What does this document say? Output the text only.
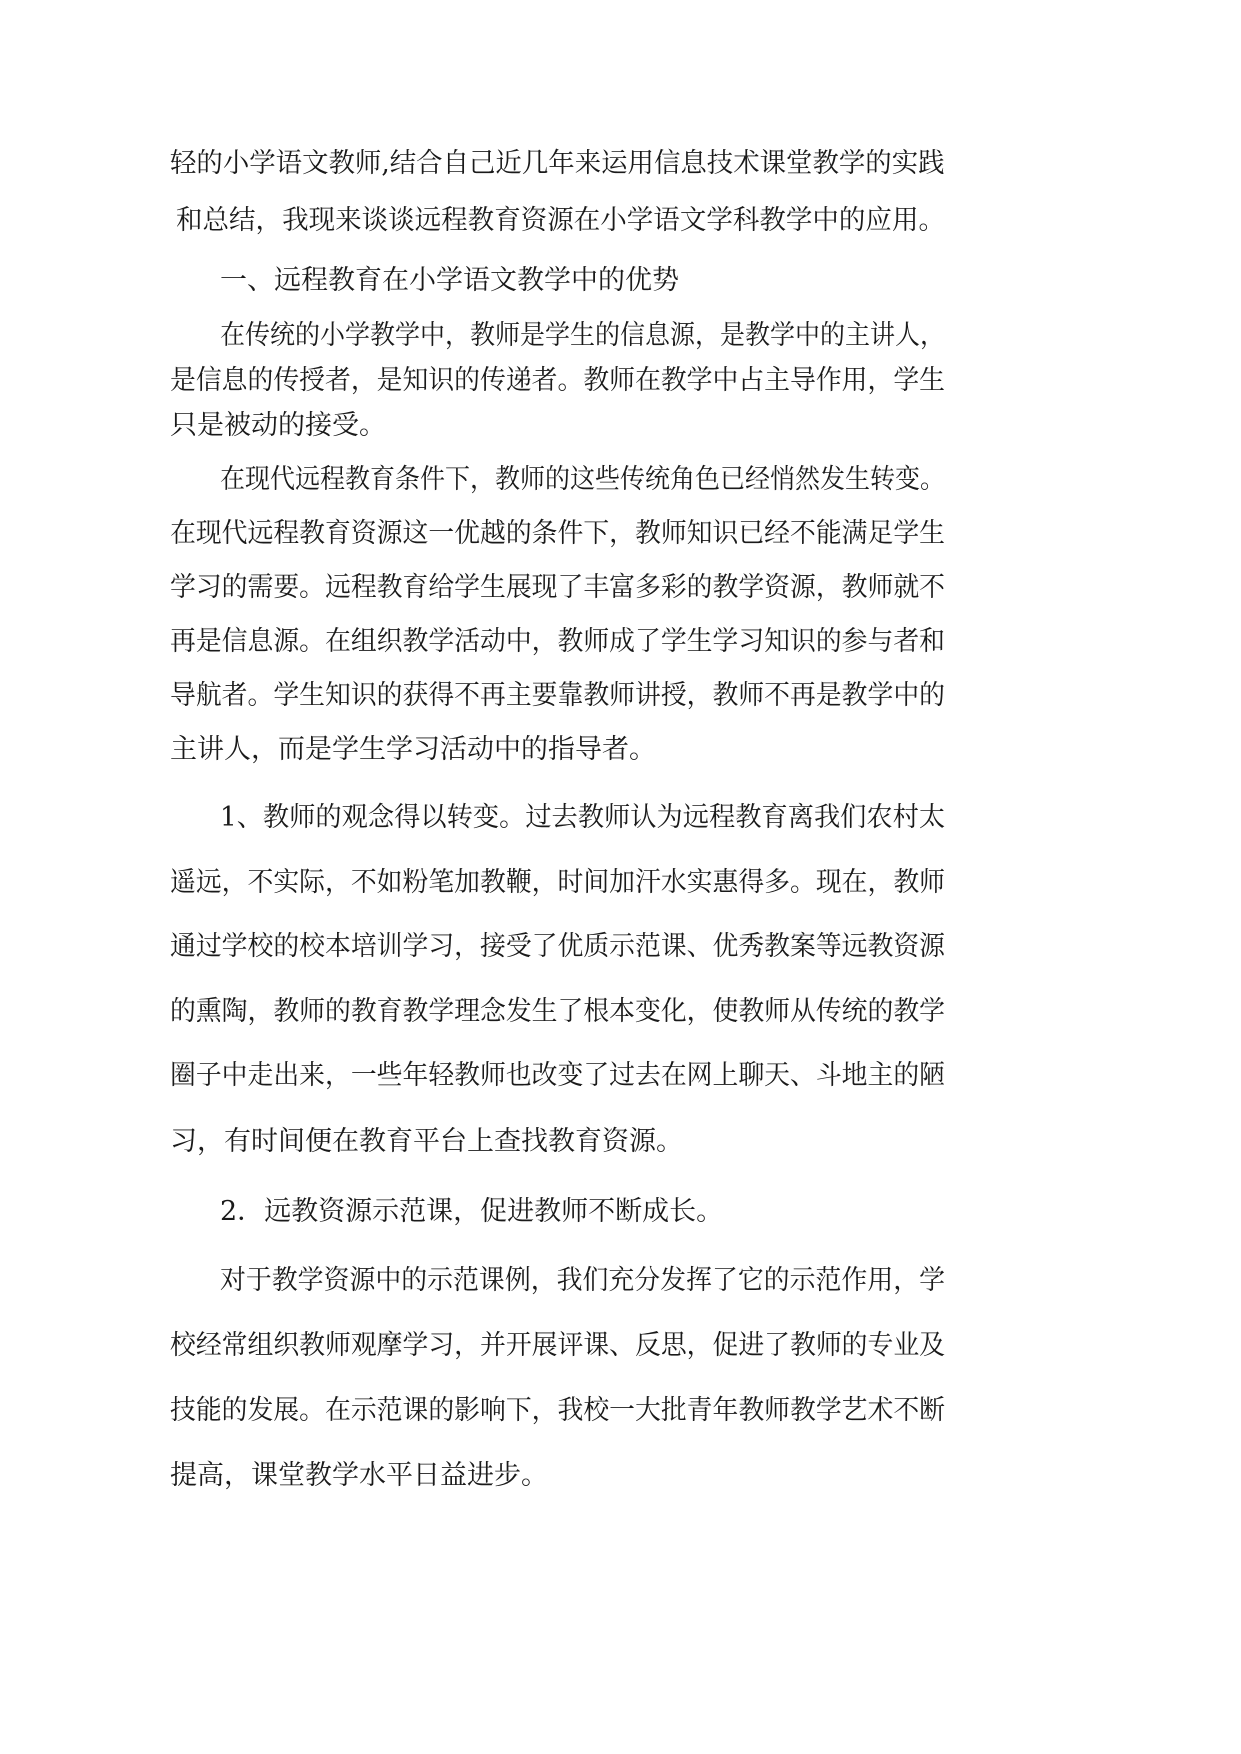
轻的小学语文教师,结合自己近几年来运用信息技术课堂教学的实践
和总结，我现来谈谈远程教育资源在小学语文学科教学中的应用。
一、远程教育在小学语文教学中的优势
在传统的小学教学中，教师是学生的信息源，是教学中的主讲人，
是信息的传授者，是知识的传递者。教师在教学中占主导作用，学生
只是被动的接受。
在现代远程教育条件下，教师的这些传统角色已经悄然发生转变。
在现代远程教育资源这一优越的条件下，教师知识已经不能满足学生
学习的需要。远程教育给学生展现了丰富多彩的教学资源，教师就不
再是信息源。在组织教学活动中，教师成了学生学习知识的参与者和
导航者。学生知识的获得不再主要靠教师讲授，教师不再是教学中的
主讲人，而是学生学习活动中的指导者。
1、教师的观念得以转变。过去教师认为远程教育离我们农村太
遥远，不实际，不如粉笔加教鞭，时间加汗水实惠得多。现在，教师
通过学校的校本培训学习，接受了优质示范课、优秀教案等远教资源
的熏陶，教师的教育教学理念发生了根本变化，使教师从传统的教学
圈子中走出来，一些年轻教师也改变了过去在网上聊天、斗地主的陋
习，有时间便在教育平台上查找教育资源。
2．远教资源示范课，促进教师不断成长。
对于教学资源中的示范课例，我们充分发挥了它的示范作用，学
校经常组织教师观摩学习，并开展评课、反思，促进了教师的专业及
技能的发展。在示范课的影响下，我校一大批青年教师教学艺术不断
提高，课堂教学水平日益进步。
